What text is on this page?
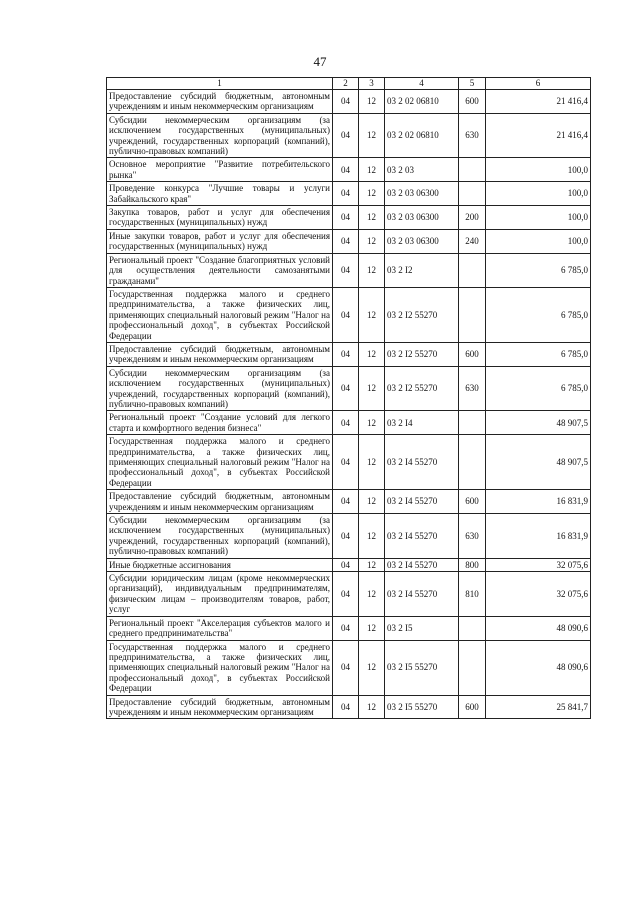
47
1	2	3	4	5	6
Предоставление субсидий бюджетным, автономным учреждениям и иным некоммерческим организациям	04	12	03 2 02 06810	600	21 416,4
Субсидии некоммерческим организациям (за исключением государственных (муниципальных) учреждений, государственных корпораций (компаний), публично-правовых компаний)	04	12	03 2 02 06810	630	21 416,4
Основное мероприятие "Развитие потребительского рынка"	04	12	03 2 03		100,0
Проведение конкурса "Лучшие товары и услуги Забайкальского края"	04	12	03 2 03 06300		100,0
Закупка товаров, работ и услуг для обеспечения государственных (муниципальных) нужд	04	12	03 2 03 06300	200	100,0
Иные закупки товаров, работ и услуг для обеспечения государственных (муниципальных) нужд	04	12	03 2 03 06300	240	100,0
Региональный проект "Создание благоприятных условий для осуществления деятельности самозанятыми гражданами"	04	12	03 2 I2		6 785,0
Государственная поддержка малого и среднего предпринимательства, а также физических лиц, применяющих специальный налоговый режим "Налог на профессиональный доход", в субъектах Российской Федерации	04	12	03 2 I2 55270		6 785,0
Предоставление субсидий бюджетным, автономным учреждениям и иным некоммерческим организациям	04	12	03 2 I2 55270	600	6 785,0
Субсидии некоммерческим организациям (за исключением государственных (муниципальных) учреждений, государственных корпораций (компаний), публично-правовых компаний)	04	12	03 2 I2 55270	630	6 785,0
Региональный проект "Создание условий для легкого старта и комфортного ведения бизнеса"	04	12	03 2 I4		48 907,5
Государственная поддержка малого и среднего предпринимательства, а также физических лиц, применяющих специальный налоговый режим "Налог на профессиональный доход", в субъектах Российской Федерации	04	12	03 2 I4 55270		48 907,5
Предоставление субсидий бюджетным, автономным учреждениям и иным некоммерческим организациям	04	12	03 2 I4 55270	600	16 831,9
Субсидии некоммерческим организациям (за исключением государственных (муниципальных) учреждений, государственных корпораций (компаний), публично-правовых компаний)	04	12	03 2 I4 55270	630	16 831,9
Иные бюджетные ассигнования	04	12	03 2 I4 55270	800	32 075,6
Субсидии юридическим лицам (кроме некоммерческих организаций), индивидуальным предпринимателям, физическим лицам – производителям товаров, работ, услуг	04	12	03 2 I4 55270	810	32 075,6
Региональный проект "Акселерация субъектов малого и среднего предпринимательства"	04	12	03 2 I5		48 090,6
Государственная поддержка малого и среднего предпринимательства, а также физических лиц, применяющих специальный налоговый режим "Налог на профессиональный доход", в субъектах Российской Федерации	04	12	03 2 I5 55270		48 090,6
Предоставление субсидий бюджетным, автономным учреждениям и иным некоммерческим организациям	04	12	03 2 I5 55270	600	25 841,7
